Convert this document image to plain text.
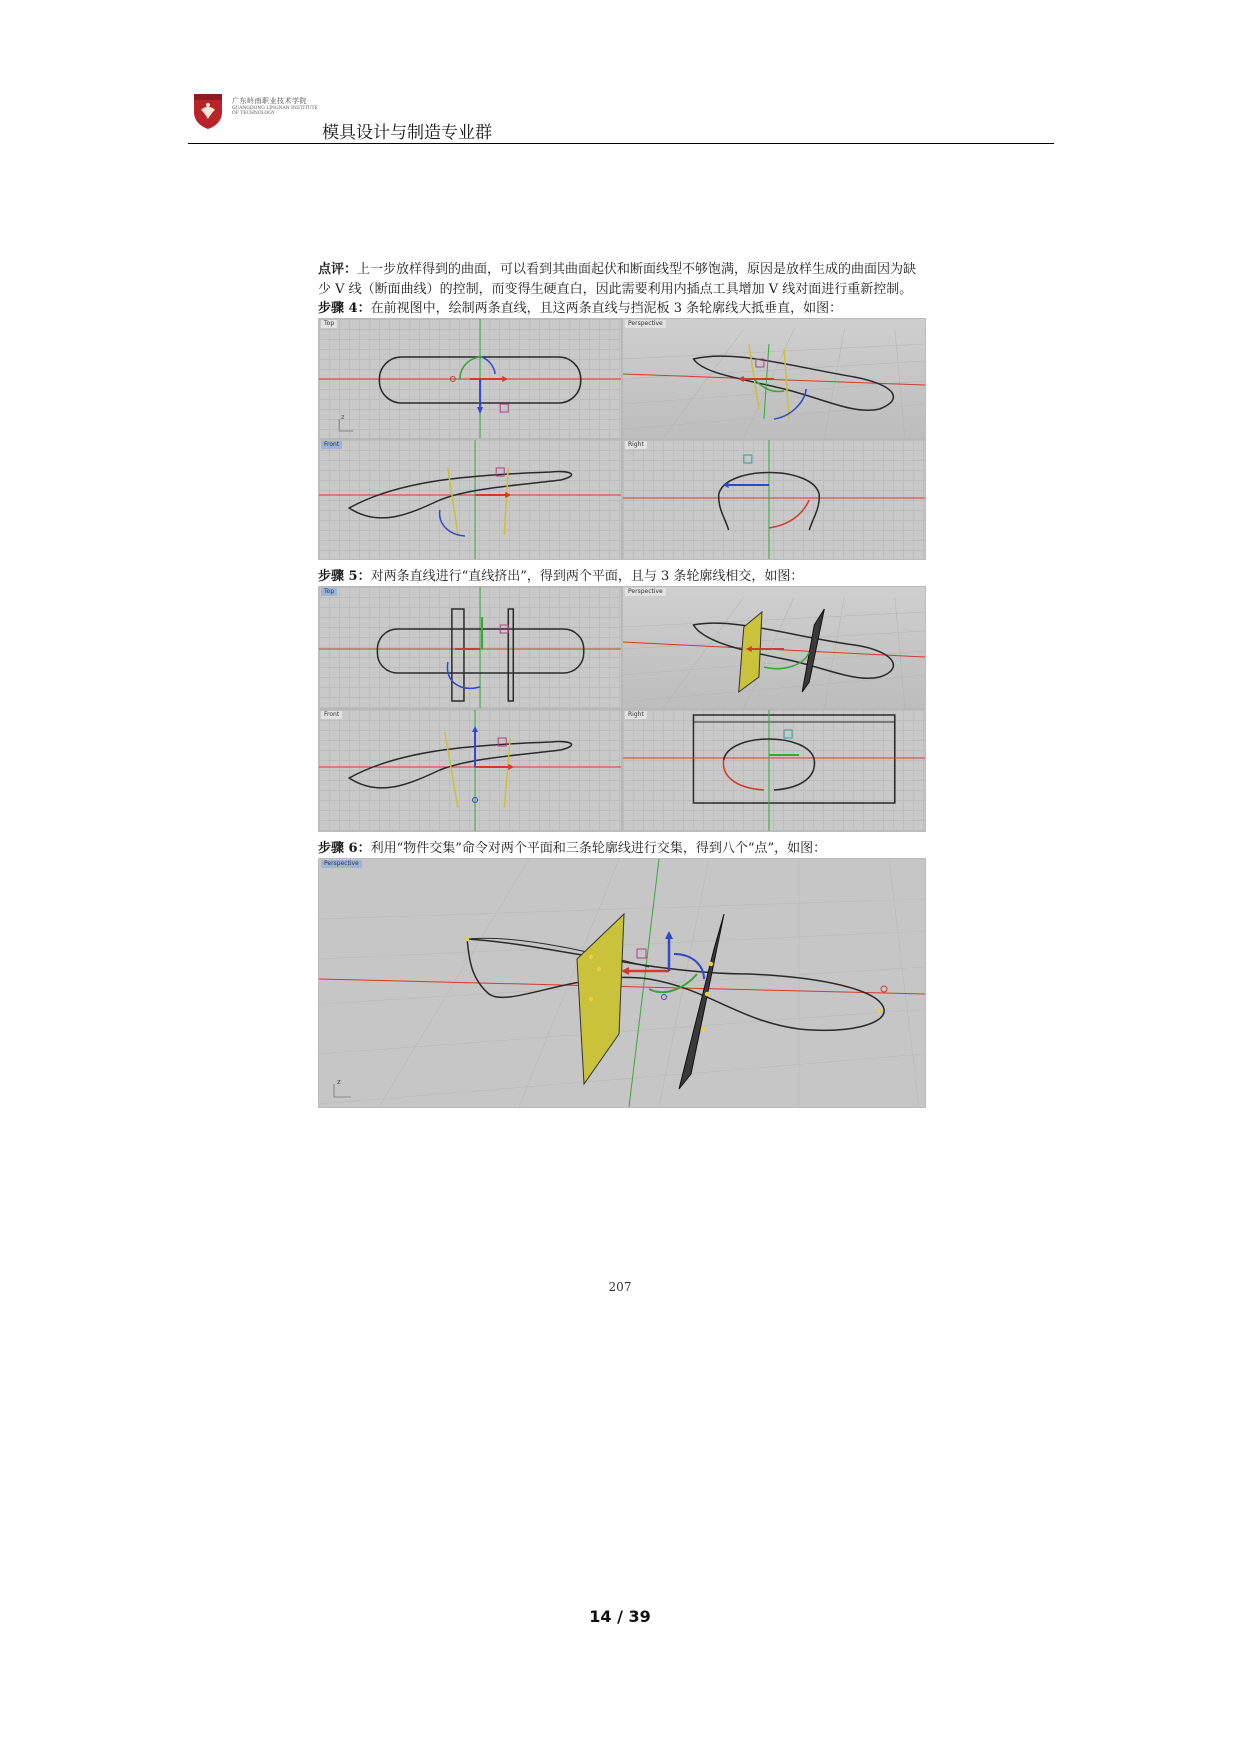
广东岭南职业技术学院
GUANGDONG LINGNAN INSTITUTE OF TECHNOLOGY
模具设计与制造专业群

点评：上一步放样得到的曲面，可以看到其曲面起伏和断面线型不够饱满，原因是放样生成的曲面因为缺少 V 线（断面曲线）的控制，而变得生硬直白，因此需要利用内插点工具增加 V 线对面进行重新控制。

步骤 4：在前视图中，绘制两条直线，且这两条直线与挡泥板 3 条轮廓线大抵垂直，如图：

Top
z
Perspective
Front	Right

步骤 5：对两条直线进行“直线挤出”，得到两个平面，且与 3 条轮廓线相交，如图：

Top	Perspective
Front	Right

步骤 6：利用“物件交集”命令对两个平面和三条轮廓线进行交集，得到八个“点”，如图：

Perspective
z
207
14 / 39
